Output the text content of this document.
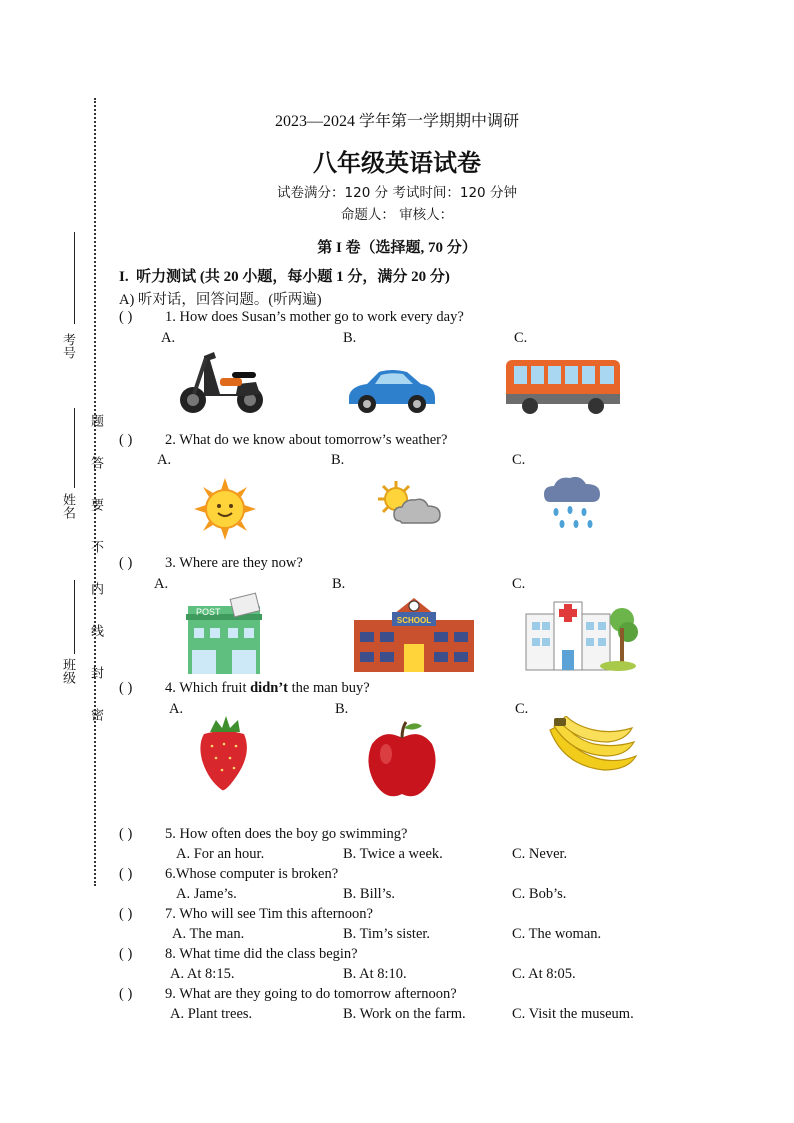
考号
姓名
班级
题
答
要
不
内
线
封
密
2023—2024 学年第一学期期中调研
八年级英语试卷
试卷满分：120 分 考试时间：120 分钟
命题人： 审核人：
第 I 卷（选择题, 70 分）
I. 听力测试 (共 20 小题，每小题 1 分，满分 20 分)
A) 听对话，回答问题。(听两遍)
( ) 1. How does Susan’s mother go to work every day?
A.	B.	C.
( ) 2. What do we know about tomorrow’s weather?
A.	B.	C.
( ) 3. Where are they now?
A.	B.	C.
POST
SCHOOL
( ) 4. Which fruit didn’t the man buy?
A.	B.	C.
( ) 5. How often does the boy go swimming?
A. For an hour.	B. Twice a week.	C. Never.
( ) 6.Whose computer is broken?
A. Jame’s.	B. Bill’s.	C. Bob’s.
( ) 7. Who will see Tim this afternoon?
A. The man.	B. Tim’s sister.	C. The woman.
( ) 8. What time did the class begin?
A. At 8:15.	B. At 8:10.	C. At 8:05.
( ) 9. What are they going to do tomorrow afternoon?
A. Plant trees.	B. Work on the farm.	C. Visit the museum.
